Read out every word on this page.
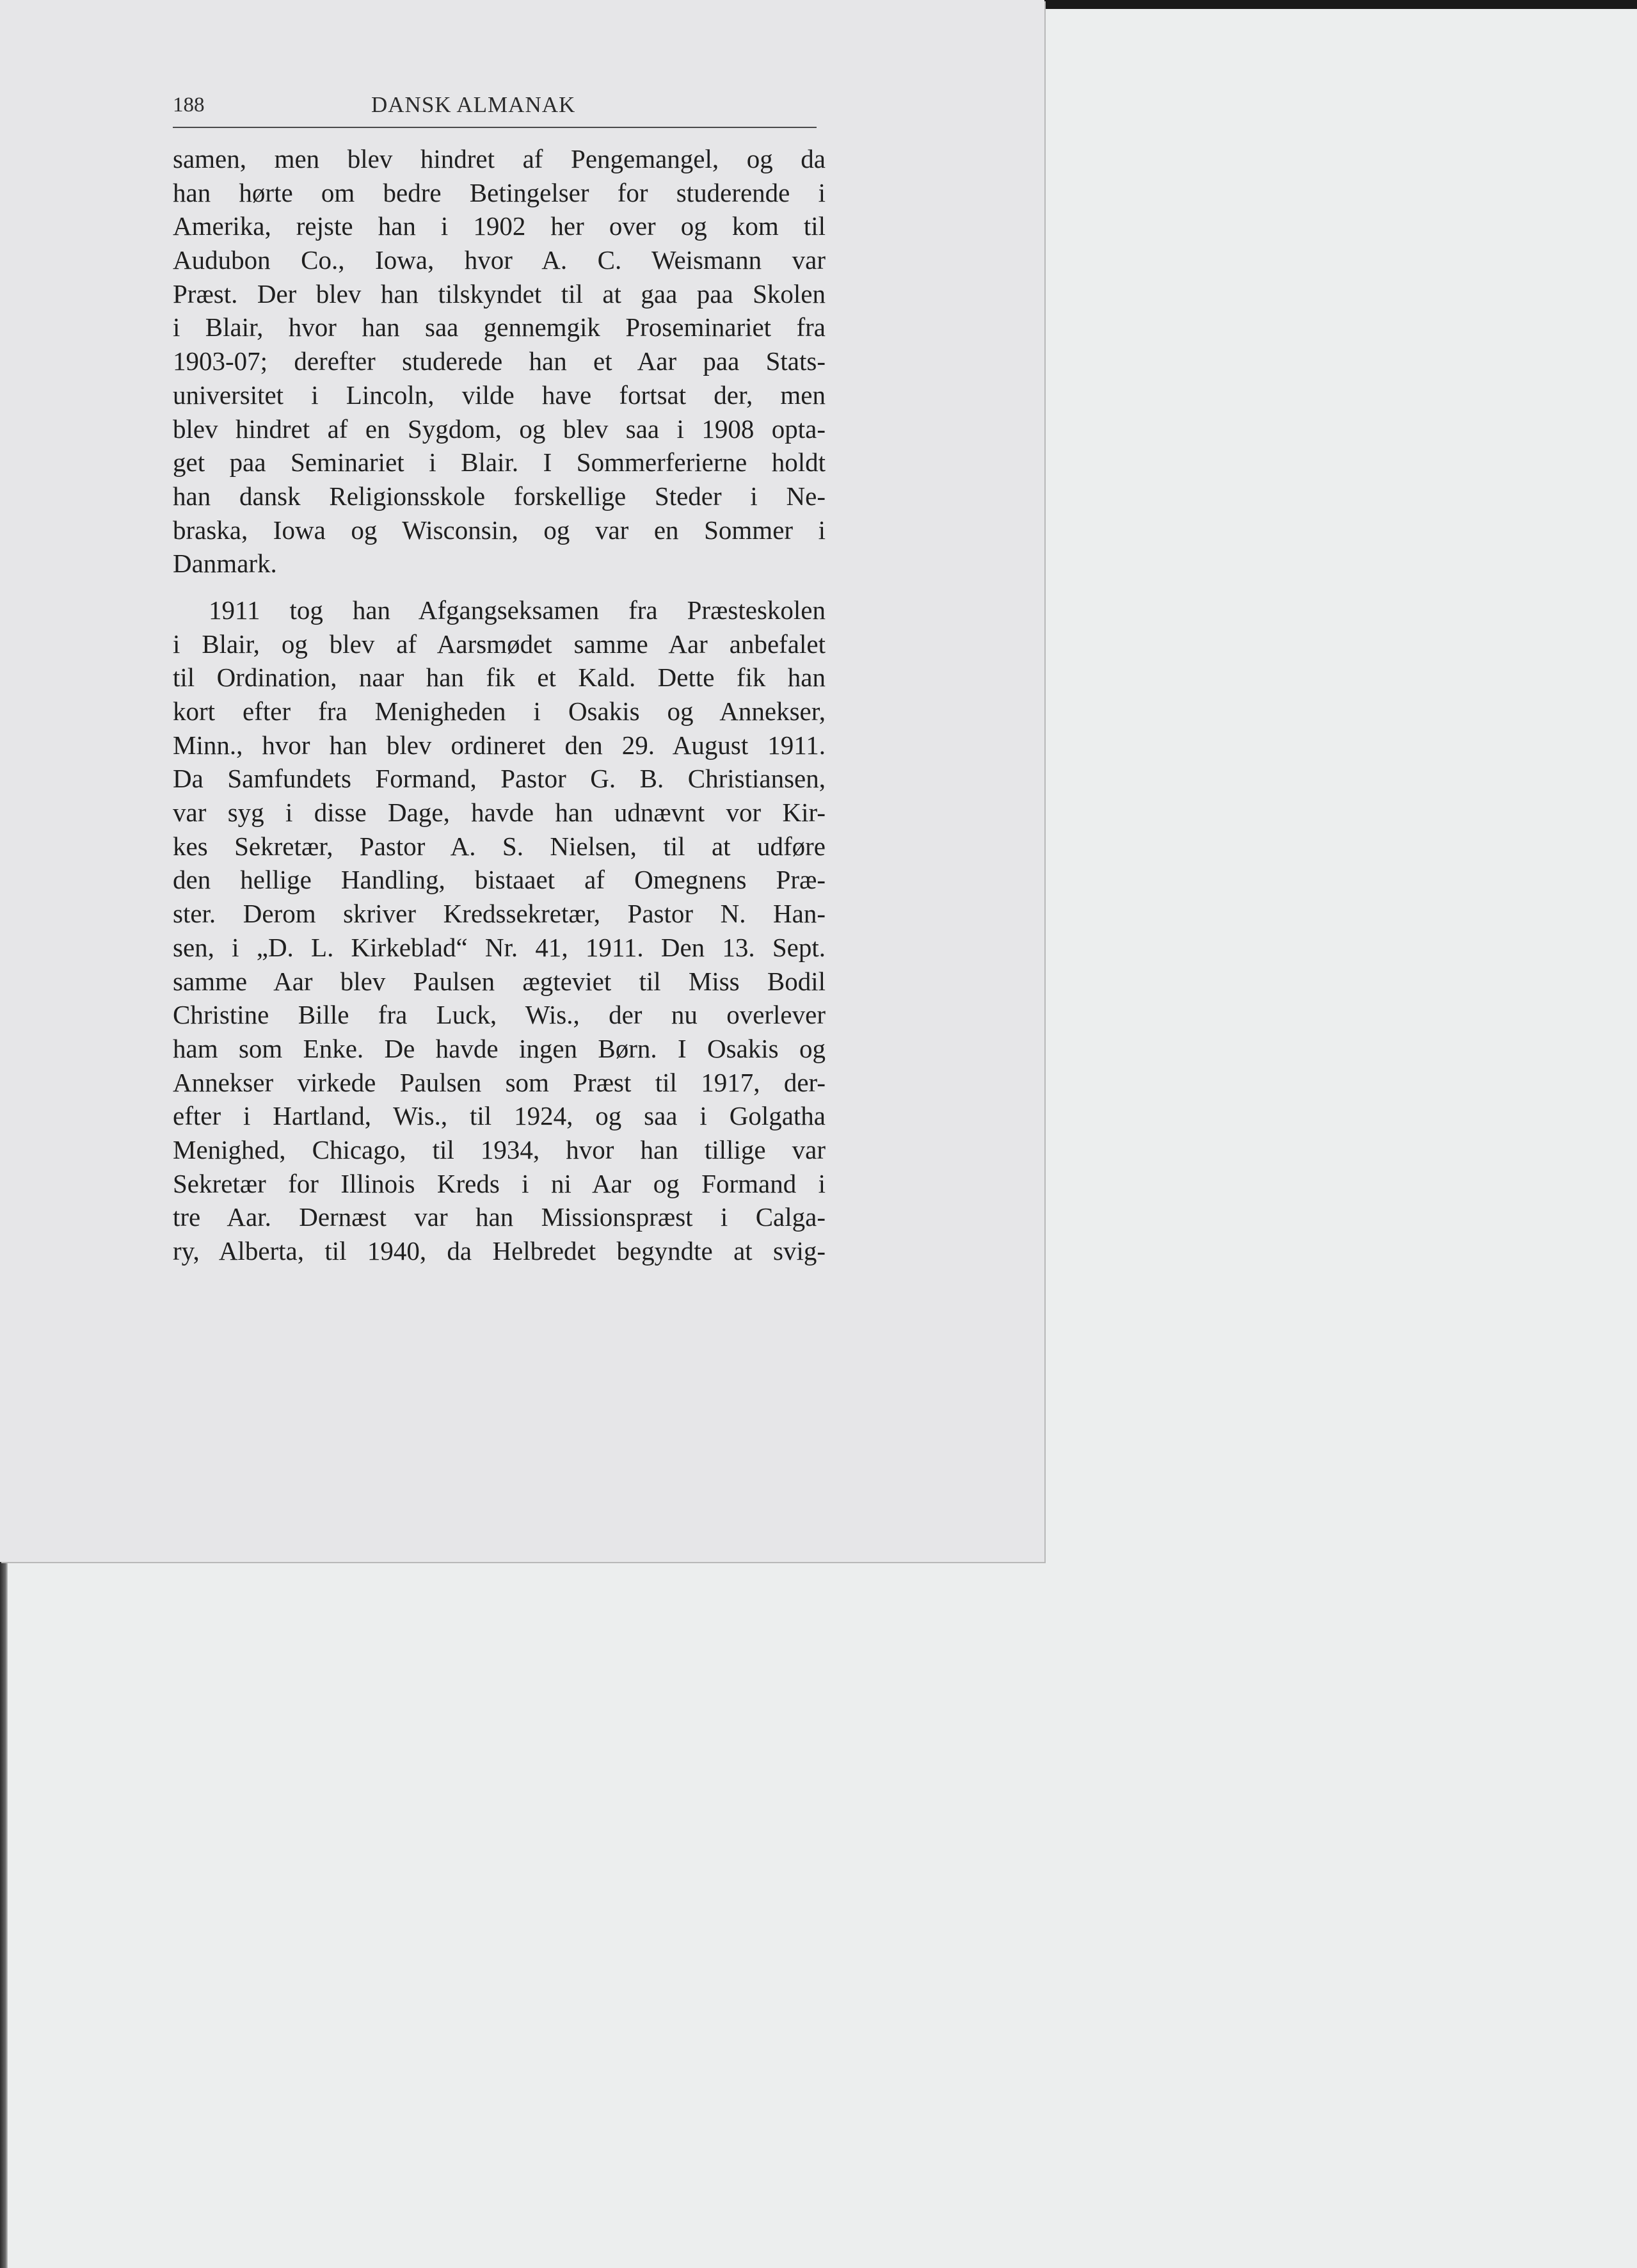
188	DANSK ALMANAK
samen, men blev hindret af Pengemangel, og da
han hørte om bedre Betingelser for studerende i
Amerika, rejste han i 1902 her over og kom til
Audubon Co., Iowa, hvor A. C. Weismann var
Præst. Der blev han tilskyndet til at gaa paa Skolen
i Blair, hvor han saa gennemgik Proseminariet fra
1903-07; derefter studerede han et Aar paa Stats-
universitet i Lincoln, vilde have fortsat der, men
blev hindret af en Sygdom, og blev saa i 1908 opta-
get paa Seminariet i Blair. I Sommerferierne holdt
han dansk Religionsskole forskellige Steder i Ne-
braska, Iowa og Wisconsin, og var en Sommer i
Danmark.
1911 tog han Afgangseksamen fra Præsteskolen
i Blair, og blev af Aarsmødet samme Aar anbefalet
til Ordination, naar han fik et Kald. Dette fik han
kort efter fra Menigheden i Osakis og Annekser,
Minn., hvor han blev ordineret den 29. August 1911.
Da Samfundets Formand, Pastor G. B. Christiansen,
var syg i disse Dage, havde han udnævnt vor Kir-
kes Sekretær, Pastor A. S. Nielsen, til at udføre
den hellige Handling, bistaaet af Omegnens Præ-
ster. Derom skriver Kredssekretær, Pastor N. Han-
sen, i „D. L. Kirkeblad“ Nr. 41, 1911. Den 13. Sept.
samme Aar blev Paulsen ægteviet til Miss Bodil
Christine Bille fra Luck, Wis., der nu overlever
ham som Enke. De havde ingen Børn. I Osakis og
Annekser virkede Paulsen som Præst til 1917, der-
efter i Hartland, Wis., til 1924, og saa i Golgatha
Menighed, Chicago, til 1934, hvor han tillige var
Sekretær for Illinois Kreds i ni Aar og Formand i
tre Aar. Dernæst var han Missionspræst i Calga-
ry, Alberta, til 1940, da Helbredet begyndte at svig-
